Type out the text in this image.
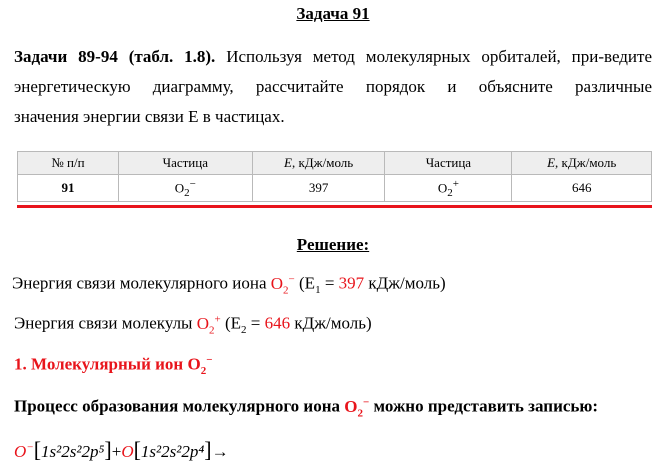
Задача 91
Задачи 89-94 (табл. 1.8). Используя метод молекулярных орбиталей, при-ведите
энергетическую диаграмму, рассчитайте порядок и объясните различные
значения энергии связи E в частицах.
№ п/п	Частица	E, кДж/моль	Частица	E, кДж/моль
91	$O_2^-$	397	$O_2^+$	646
Решение:
Энергия связи молекулярного иона $O_2^-$ ($E_1 = 397$ кДж/моль)
Энергия связи молекулы $O_2^+$ ($E_2 = 646$ кДж/моль)
1. Молекулярный ион $O_2^-$
Процесс образования молекулярного иона $O_2^-$ можно представить записью:
O−[1s²2s²2p⁵]+O[1s²2s²2p⁴]→
